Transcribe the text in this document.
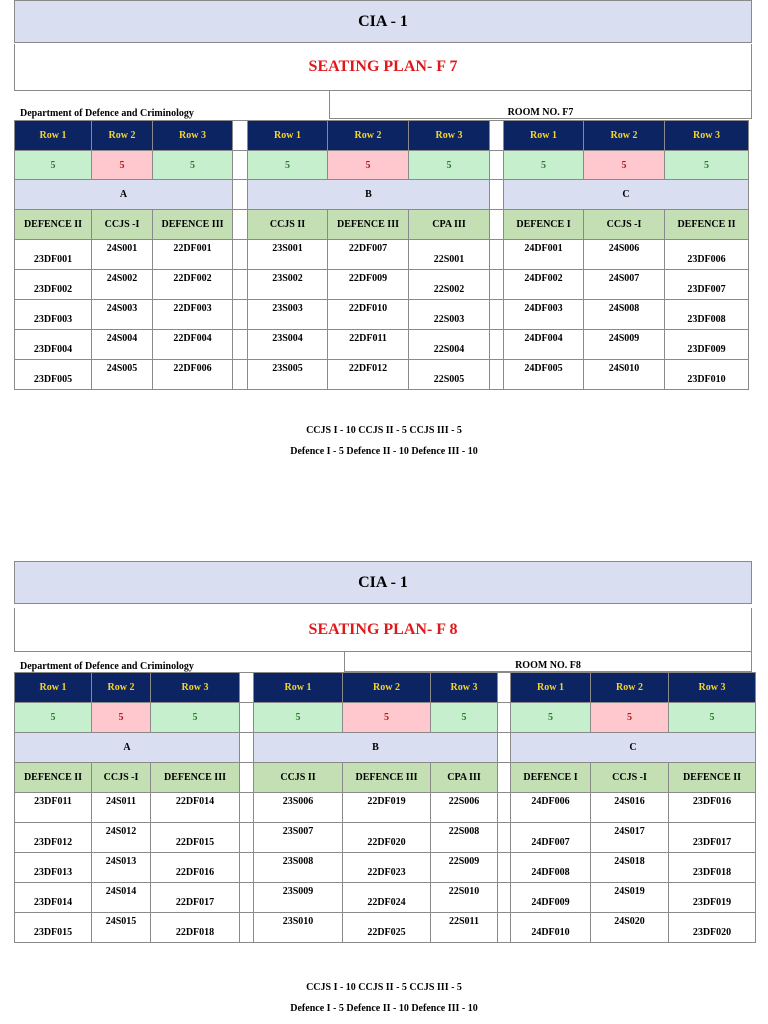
CIA - 1
SEATING PLAN- F 7
Department of Defence and Criminology	ROOM NO. F7
Row 1	Row 2	Row 3		Row 1	Row 2	Row 3		Row 1	Row 2	Row 3
5	5	5		5	5	5		5	5	5
A				B				C		
DEFENCE II	CCJS -I	DEFENCE III		CCJS II	DEFENCE III	CPA III		DEFENCE I	CCJS -I	DEFENCE II
23DF001	24S001	22DF001		23S001	22DF007	22S001		24DF001	24S006	23DF006
23DF002	24S002	22DF002		23S002	22DF009	22S002		24DF002	24S007	23DF007
23DF003	24S003	22DF003		23S003	22DF010	22S003		24DF003	24S008	23DF008
23DF004	24S004	22DF004		23S004	22DF011	22S004		24DF004	24S009	23DF009
23DF005	24S005	22DF006		23S005	22DF012	22S005		24DF005	24S010	23DF010
CCJS I - 10 CCJS II - 5 CCJS III - 5
Defence I - 5 Defence II - 10 Defence III - 10
CIA - 1
SEATING PLAN- F 8
Department of Defence and Criminology	ROOM NO. F8
Row 1	Row 2	Row 3		Row 1	Row 2	Row 3		Row 1	Row 2	Row 3
5	5	5		5	5	5		5	5	5
A				B				C		
DEFENCE II	CCJS -I	DEFENCE III		CCJS II	DEFENCE III	CPA III		DEFENCE I	CCJS -I	DEFENCE II
23DF011	24S011	22DF014		23S006	22DF019	22S006		24DF006	24S016	23DF016
23DF012	24S012	22DF015		23S007	22DF020	22S008		24DF007	24S017	23DF017
23DF013	24S013	22DF016		23S008	22DF023	22S009		24DF008	24S018	23DF018
23DF014	24S014	22DF017		23S009	22DF024	22S010		24DF009	24S019	23DF019
23DF015	24S015	22DF018		23S010	22DF025	22S011		24DF010	24S020	23DF020
CCJS I - 10 CCJS II - 5 CCJS III - 5
Defence I - 5 Defence II - 10 Defence III - 10
